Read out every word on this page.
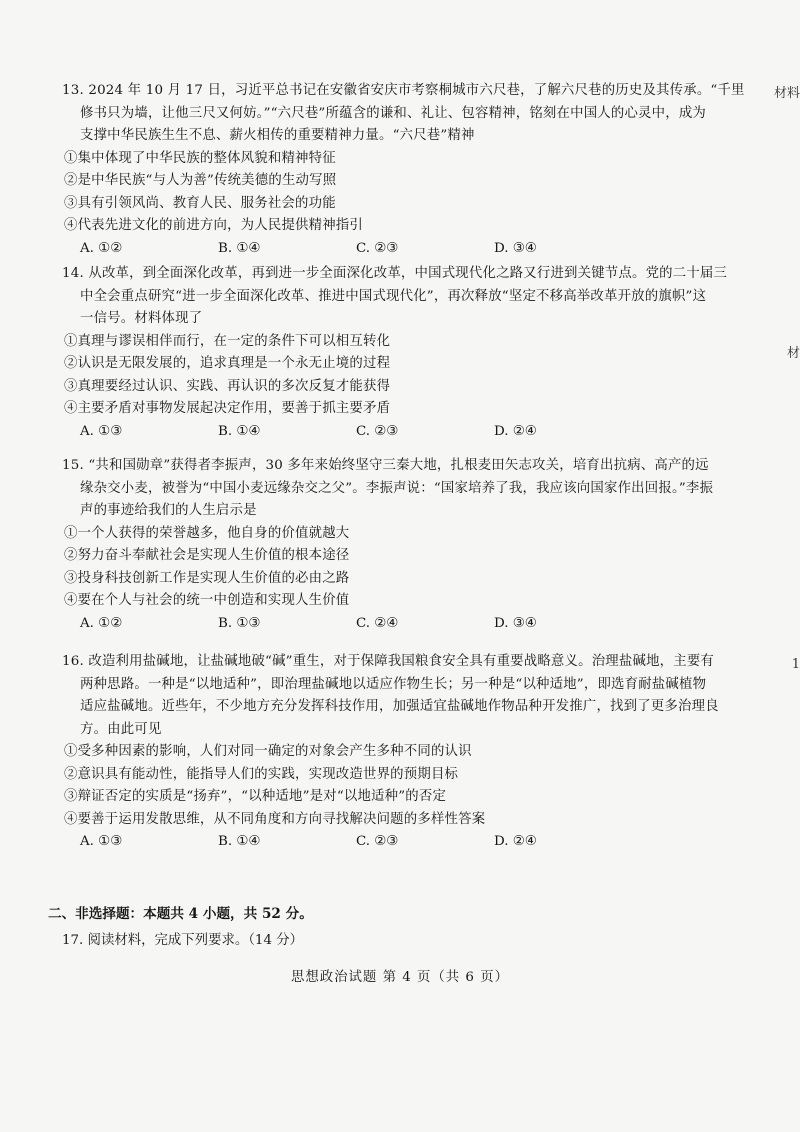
13. 2024 年 10 月 17 日，习近平总书记在安徽省安庆市考察桐城市六尺巷，了解六尺巷的历史及其传承。“千里
修书只为墙，让他三尺又何妨。”“六尺巷”所蕴含的谦和、礼让、包容精神，铭刻在中国人的心灵中，成为
支撑中华民族生生不息、薪火相传的重要精神力量。“六尺巷”精神
①集中体现了中华民族的整体风貌和精神特征
②是中华民族“与人为善”传统美德的生动写照
③具有引领风尚、教育人民、服务社会的功能
④代表先进文化的前进方向，为人民提供精神指引
A. ①②	B. ①④	C. ②③	D. ③④
14. 从改革，到全面深化改革，再到进一步全面深化改革，中国式现代化之路又行进到关键节点。党的二十届三
中全会重点研究“进一步全面深化改革、推进中国式现代化”，再次释放“坚定不移高举改革开放的旗帜”这
一信号。材料体现了
①真理与谬误相伴而行，在一定的条件下可以相互转化
②认识是无限发展的，追求真理是一个永无止境的过程
③真理要经过认识、实践、再认识的多次反复才能获得
④主要矛盾对事物发展起决定作用，要善于抓主要矛盾
A. ①③	B. ①④	C. ②③	D. ②④
15. “共和国勋章”获得者李振声，30 多年来始终坚守三秦大地，扎根麦田矢志攻关，培育出抗病、高产的远
缘杂交小麦，被誉为“中国小麦远缘杂交之父”。李振声说：“国家培养了我，我应该向国家作出回报。”李振
声的事迹给我们的人生启示是
①一个人获得的荣誉越多，他自身的价值就越大
②努力奋斗奉献社会是实现人生价值的根本途径
③投身科技创新工作是实现人生价值的必由之路
④要在个人与社会的统一中创造和实现人生价值
A. ①②	B. ①③	C. ②④	D. ③④
16. 改造利用盐碱地，让盐碱地破“碱”重生，对于保障我国粮食安全具有重要战略意义。治理盐碱地，主要有
两种思路。一种是“以地适种”，即治理盐碱地以适应作物生长；另一种是“以种适地”，即选育耐盐碱植物
适应盐碱地。近些年，不少地方充分发挥科技作用，加强适宜盐碱地作物品种开发推广，找到了更多治理良
方。由此可见
①受多种因素的影响，人们对同一确定的对象会产生多种不同的认识
②意识具有能动性，能指导人们的实践，实现改造世界的预期目标
③辩证否定的实质是“扬弃”，“以种适地”是对“以地适种”的否定
④要善于运用发散思维，从不同角度和方向寻找解决问题的多样性答案
A. ①③	B. ①④	C. ②③	D. ②④
二、非选择题：本题共 4 小题，共 52 分。
17. 阅读材料，完成下列要求。（14 分）
思想政治试题 第 4 页（共 6 页）
材料
材
1
